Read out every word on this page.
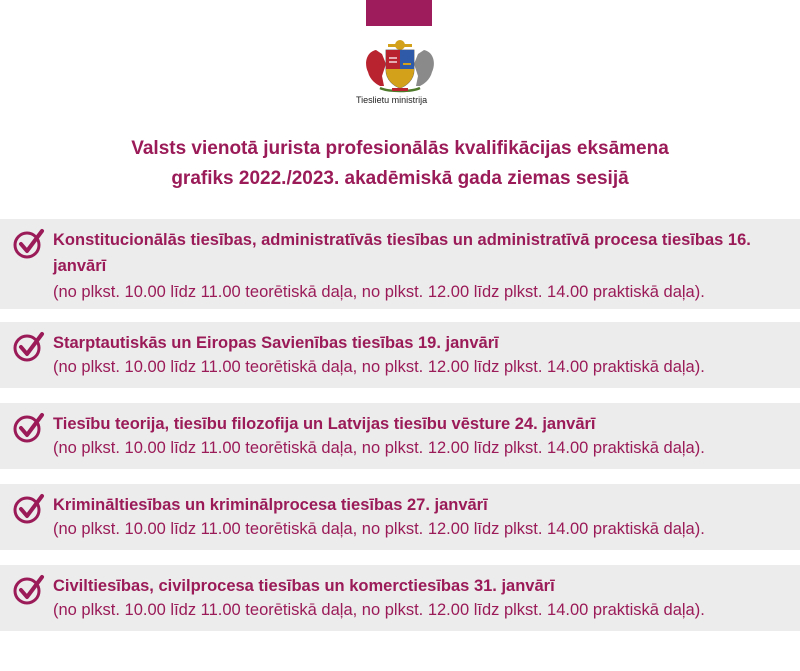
Tieslietu ministrija
Valsts vienotā jurista profesionālās kvalifikācijas eksāmena
grafiks 2022./2023. akadēmiskā gada ziemas sesijā
Konstitucionālās tiesības, administratīvās tiesības un administratīvā procesa tiesības 16. janvārī
(no plkst. 10.00 līdz 11.00 teorētiskā daļa, no plkst. 12.00 līdz plkst. 14.00 praktiskā daļa).
Starptautiskās un Eiropas Savienības tiesības 19. janvārī
(no plkst. 10.00 līdz 11.00 teorētiskā daļa, no plkst. 12.00 līdz plkst. 14.00 praktiskā daļa).
Tiesību teorija, tiesību filozofija un Latvijas tiesību vēsture 24. janvārī
(no plkst. 10.00 līdz 11.00 teorētiskā daļa, no plkst. 12.00 līdz plkst. 14.00 praktiskā daļa).
Krimināltiesības un kriminālprocesa tiesības 27. janvārī
(no plkst. 10.00 līdz 11.00 teorētiskā daļa, no plkst. 12.00 līdz plkst. 14.00 praktiskā daļa).
Civiltiesības, civilprocesa tiesības un komerctiesības 31. janvārī
(no plkst. 10.00 līdz 11.00 teorētiskā daļa, no plkst. 12.00 līdz plkst. 14.00 praktiskā daļa).
